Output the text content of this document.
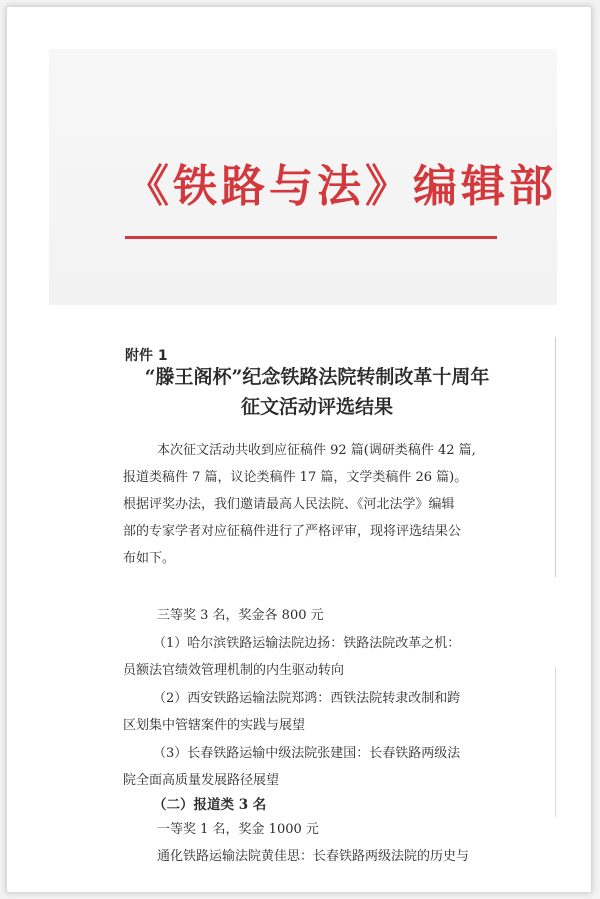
《铁路与法》编辑部
附件 1
“滕王阁杯”纪念铁路法院转制改革十周年
征文活动评选结果
本次征文活动共收到应征稿件 92 篇(调研类稿件 42 篇,
报道类稿件 7 篇，议论类稿件 17 篇，文学类稿件 26 篇)。
根据评奖办法，我们邀请最高人民法院、《河北法学》编辑
部的专家学者对应征稿件进行了严格评审，现将评选结果公
布如下。
三等奖 3 名，奖金各 800 元
（1）哈尔滨铁路运输法院边扬：铁路法院改革之机：
员额法官绩效管理机制的内生驱动转向
（2）西安铁路运输法院郑鸿：西铁法院转隶改制和跨
区划集中管辖案件的实践与展望
（3）长春铁路运输中级法院张建国：长春铁路两级法
院全面高质量发展路径展望
（二）报道类 3 名
一等奖 1 名，奖金 1000 元
通化铁路运输法院黄佳思：长春铁路两级法院的历史与
